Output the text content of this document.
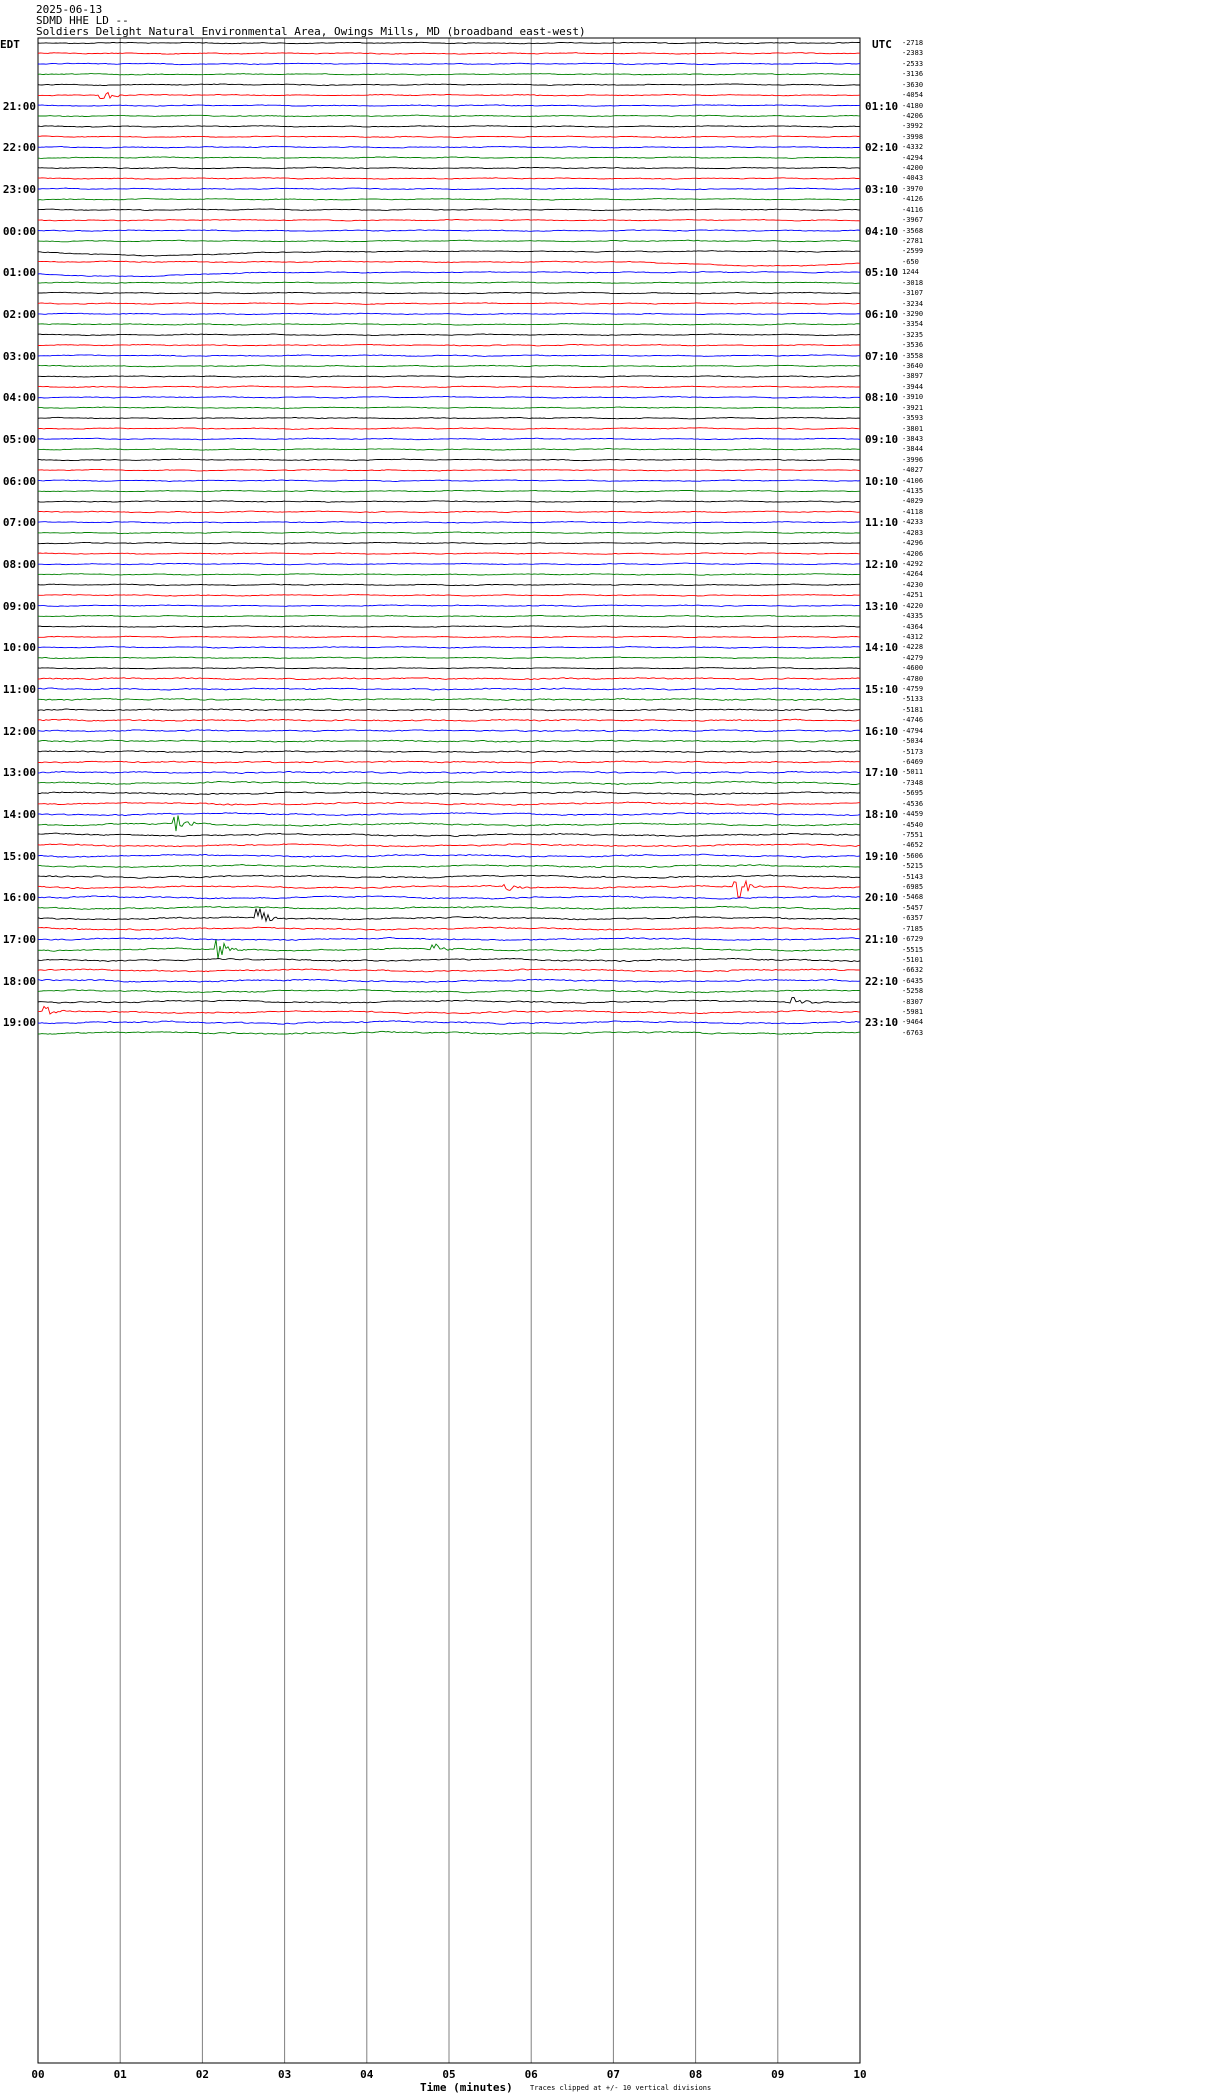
2025-06-13
SDMD HHE LD --
Soldiers Delight Natural Environmental Area, Owings Mills, MD (broadband east-west)
EDT	UTC
00	01	02	03	04	05	06	07	08	09	10
-2718
-2383
-2533
-3136
-3630
-4054
-4180
-4206
-3992
-3998
-4332
-4294
-4200
-4043
-3970
-4126
-4116
-3967
-3568
-2781
-2599
-650
1244
-3018
-3107
-3234
-3290
-3354
-3235
-3536
-3558
-3640
-3897
-3944
-3910
-3921
-3593
-3801
-3843
-3844
-3996
-4027
-4106
-4135
-4029
-4118
-4233
-4283
-4296
-4206
-4292
-4264
-4230
-4251
-4220
-4335
-4364
-4312
-4228
-4279
-4600
-4780
-4759
-5133
-5181
-4746
-4794
-5034
-5173
-6469
-5011
-7348
-5695
-4536
-4459
-4540
-7551
-4652
-5606
-5215
-5143
-6985
-5468
-5457
-6357
-7185
-6729
-5515
-5101
-6632
-6435
-5258
-8307
-5981
-9464
-6763
21:00	01:10
22:00	02:10
23:00	03:10
00:00	04:10
01:00	05:10
02:00	06:10
03:00	07:10
04:00	08:10
05:00	09:10
06:00	10:10
07:00	11:10
08:00	12:10
09:00	13:10
10:00	14:10
11:00	15:10
12:00	16:10
13:00	17:10
14:00	18:10
15:00	19:10
16:00	20:10
17:00	21:10
18:00	22:10
19:00	23:10
Time (minutes) Traces clipped at +/- 10 vertical divisions
